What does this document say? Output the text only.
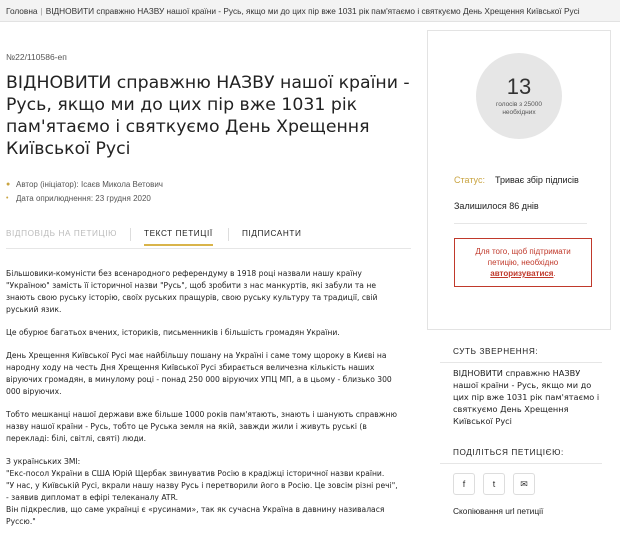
Головна | ВІДНОВИТИ справжню НАЗВУ нашої країни - Русь, якщо ми до цих пір вже 1031 рік пам'ятаємо і святкуємо День Хрещення Київської Русі
№22/110586-еп
ВІДНОВИТИ справжню НАЗВУ нашої країни - Русь, якщо ми до цих пір вже 1031 рік пам'ятаємо і святкуємо День Хрещення Київської Русі
● Автор (ініціатор):
Ісаєв Микола Ветович
• Дата оприлюднення:
23 грудня 2020
ВІДПОВІДЬ НА ПЕТИЦІЮ	ТЕКСТ ПЕТИЦІЇ	ПІДПИСАНТИ

Більшовики-комуністи без всенародного референдуму в 1918 році назвали нашу країну "Україною" замість її історичної назви "Русь", щоб зробити з нас манкуртів, які забули та не знають свою руську історію, своїх руських пращурів, свою руську культуру та традиції, свій руський язик.

Це обурює багатьох вчених, істориків, письменників і більшість громадян України.

День Хрещення Київської Русі має найбільшу пошану на Україні і саме тому щороку в Києві на народну ходу на честь Дня Хрещення Київської Русі збирається величезна кількість наших віруючих громадян, в минулому році - понад 250 000 віруючих УПЦ МП, а в цьому - близько 300 000 віруючих.

Тобто мешканці нашої держави вже більше 1000 років пам'ятають, знають і шанують справжню назву нашої країни - Русь, тобто це Руська земля на якій, завжди жили і живуть руські (в перекладі: білі, світлі, святі) люди.

З українських ЗМІ:

"Екс-посол України в США Юрій Щербак звинуватив Росію в крадіжці історичної назви країни.

"У нас, у Київській Русі, вкрали нашу назву Русь і перетворили його в Росію. Це зовсім різні речі", - заявив дипломат в ефірі телеканалу ATR.

Він підкреслив, що саме українці є «русинами», так як сучасна Україна в давнину називалася Руссю."

13
голосів з 25000
необхідних
Статус: Триває збір підписів
Залишилося 86 днів
Для того, щоб підтримати петицію, необхідно авторизуватися.
СУТЬ ЗВЕРНЕННЯ:
ВІДНОВИТИ справжню НАЗВУ нашої країни - Русь, якщо ми до цих пір вже 1031 рік пам'ятаємо і святкуємо День Хрещення Київської Русі
ПОДІЛІТЬСЯ ПЕТИЦІЄЮ:
f	t	✉
Скопіювання url петиції
